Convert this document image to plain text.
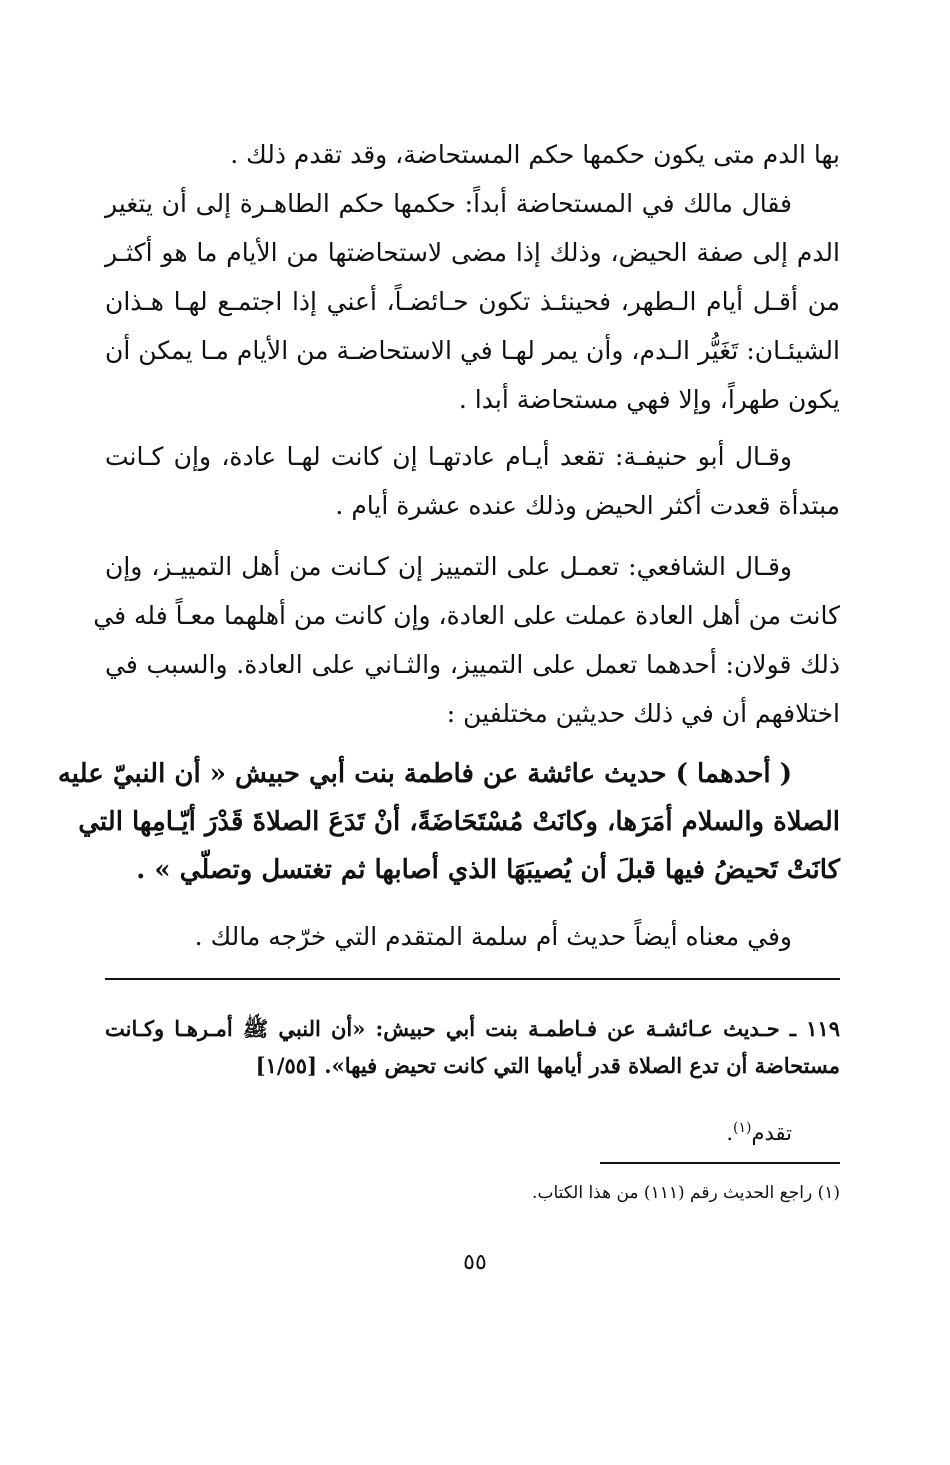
بها الدم متى يكون حكمها حكم المستحاضة، وقد تقدم ذلك .
فقال مالك في المستحاضة أبداً: حكمها حكم الطاهـرة إلى أن يتغير
الدم إلى صفة الحيض، وذلك إذا مضى لاستحاضتها من الأيام ما هو أكثـر
من أقـل أيام الـطهر، فحينئـذ تكون حـائضـاً، أعني إذا اجتمـع لهـا هـذان
الشيئـان: تَغَيُّر الـدم، وأن يمر لهـا في الاستحاضـة من الأيام مـا يمكن أن
يكون طهراً، وإلا فهي مستحاضة أبدا .
وقـال أبو حنيفـة: تقعد أيـام عادتهـا إن كانت لهـا عادة، وإن كـانت
مبتدأة قعدت أكثر الحيض وذلك عنده عشرة أيام .
وقـال الشافعي: تعمـل على التمييز إن كـانت من أهل التمييـز، وإن
كانت من أهل العادة عملت على العادة، وإن كانت من أهلهما معـاً فله في
ذلك قولان: أحدهما تعمل على التمييز، والثـاني على العادة. والسبب في
اختلافهم أن في ذلك حديثين مختلفين :
( أحدهما ) حديث عائشة عن فاطمة بنت أبي حبيش « أن النبيّ عليه
الصلاة والسلام أمَرَها، وكانَتْ مُسْتَحَاضَةً، أنْ تَدَعَ الصلاةَ قَدْرَ أيّـامِها التي
كانَتْ تَحيضُ فيها قبلَ أن يُصيبَهَا الذي أصابها ثم تغتسل وتصلّي » .
وفي معناه أيضاً حديث أم سلمة المتقدم التي خرّجه مالك .
١١٩ ـ حـديث عـائشـة عن فـاطمـة بنت أبي حبيش: «أن النبي ﷺ أمـرهـا وكـانت
مستحاضة أن تدع الصلاة قدر أيامها التي كانت تحيض فيها». [١/٥٥]
تقدم$^{(١)}$.
(١) راجع الحديث رقم (١١١) من هذا الكتاب.
٥٥
